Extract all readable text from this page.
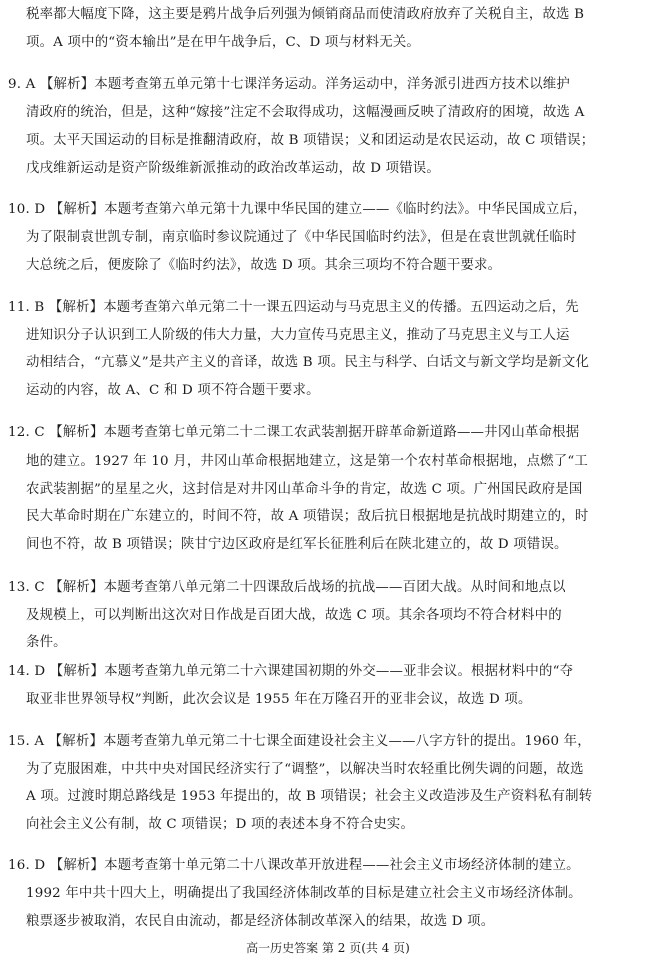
税率都大幅度下降，这主要是鸦片战争后列强为倾销商品而使清政府放弃了关税自主，故选 B
项。A 项中的“资本输出”是在甲午战争后，C、D 项与材料无关。
9. A 【解析】本题考查第五单元第十七课洋务运动。洋务运动中，洋务派引进西方技术以维护
清政府的统治，但是，这种“嫁接”注定不会取得成功，这幅漫画反映了清政府的困境，故选 A
项。太平天国运动的目标是推翻清政府，故 B 项错误；义和团运动是农民运动，故 C 项错误；
戊戌维新运动是资产阶级维新派推动的政治改革运动，故 D 项错误。
10. D 【解析】本题考查第六单元第十九课中华民国的建立——《临时约法》。中华民国成立后，
为了限制袁世凯专制，南京临时参议院通过了《中华民国临时约法》，但是在袁世凯就任临时
大总统之后，便废除了《临时约法》，故选 D 项。其余三项均不符合题干要求。
11. B 【解析】本题考查第六单元第二十一课五四运动与马克思主义的传播。五四运动之后，先
进知识分子认识到工人阶级的伟大力量，大力宣传马克思主义，推动了马克思主义与工人运
动相结合，“亢慕义”是共产主义的音译，故选 B 项。民主与科学、白话文与新文学均是新文化
运动的内容，故 A、C 和 D 项不符合题干要求。
12. C 【解析】本题考查第七单元第二十二课工农武装割据开辟革命新道路——井冈山革命根据
地的建立。1927 年 10 月，井冈山革命根据地建立，这是第一个农村革命根据地，点燃了“工
农武装割据”的星星之火，这封信是对井冈山革命斗争的肯定，故选 C 项。广州国民政府是国
民大革命时期在广东建立的，时间不符，故 A 项错误；敌后抗日根据地是抗战时期建立的，时
间也不符，故 B 项错误；陕甘宁边区政府是红军长征胜利后在陕北建立的，故 D 项错误。
13. C 【解析】本题考查第八单元第二十四课敌后战场的抗战——百团大战。从时间和地点以
及规模上，可以判断出这次对日作战是百团大战，故选 C 项。其余各项均不符合材料中的
条件。
14. D 【解析】本题考查第九单元第二十六课建国初期的外交——亚非会议。根据材料中的“夺
取亚非世界领导权”判断，此次会议是 1955 年在万隆召开的亚非会议，故选 D 项。
15. A 【解析】本题考查第九单元第二十七课全面建设社会主义——八字方针的提出。1960 年，
为了克服困难，中共中央对国民经济实行了“调整”，以解决当时农轻重比例失调的问题，故选
A 项。过渡时期总路线是 1953 年提出的，故 B 项错误；社会主义改造涉及生产资料私有制转
向社会主义公有制，故 C 项错误；D 项的表述本身不符合史实。
16. D 【解析】本题考查第十单元第二十八课改革开放进程——社会主义市场经济体制的建立。
1992 年中共十四大上，明确提出了我国经济体制改革的目标是建立社会主义市场经济体制。
粮票逐步被取消，农民自由流动，都是经济体制改革深入的结果，故选 D 项。
高一历史答案 第 2 页(共 4 页)
